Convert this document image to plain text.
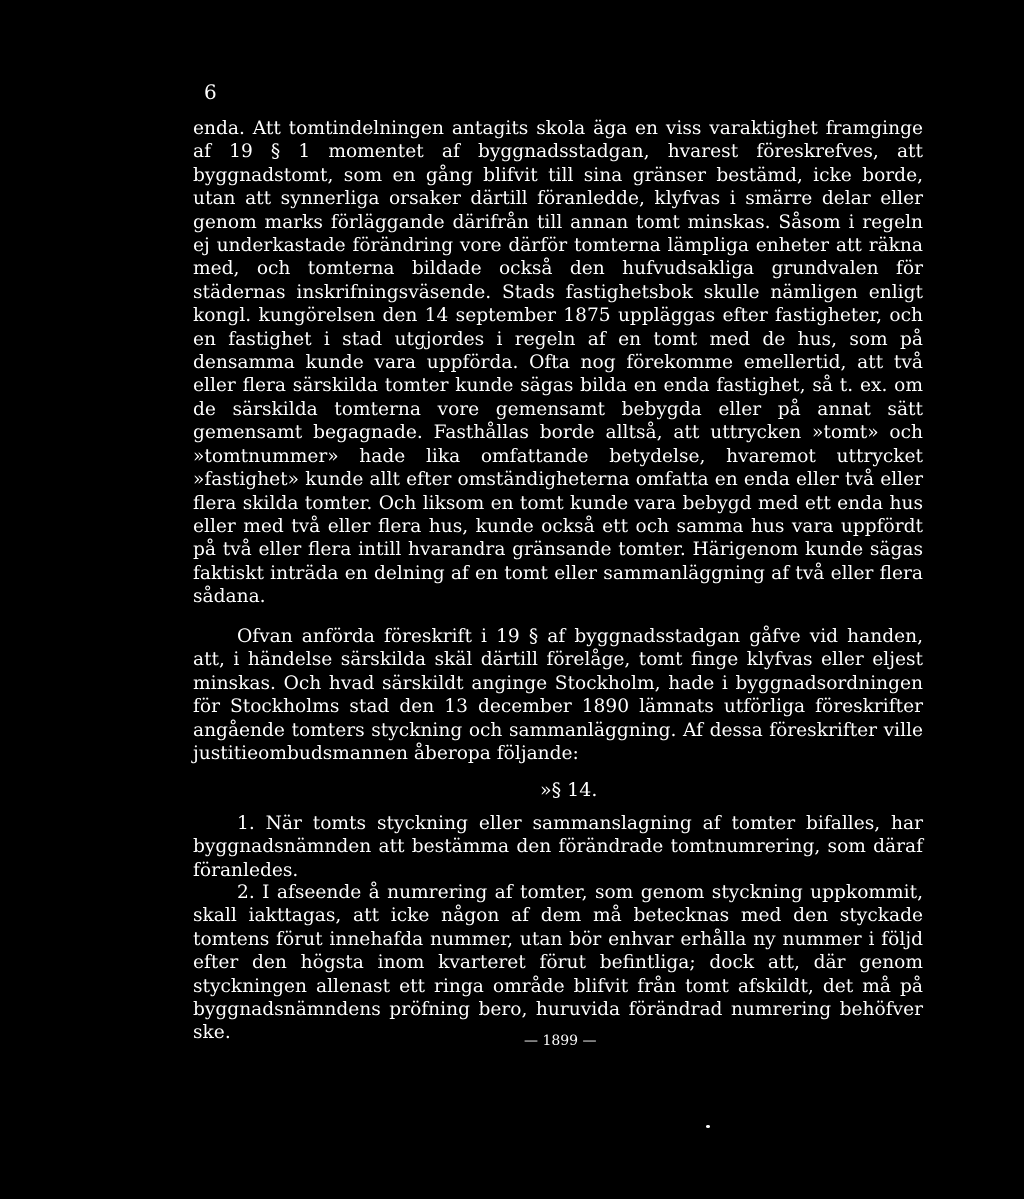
6

enda. Att tomtindelningen antagits skola äga en viss varaktighet framginge af 19 § 1 momentet af byggnadsstadgan, hvarest föreskrefves, att byggnadstomt, som en gång blifvit till sina gränser bestämd, icke borde, utan att synnerliga orsaker därtill föranledde, klyfvas i smärre delar eller genom marks förläggande därifrån till annan tomt minskas. Såsom i regeln ej underkastade förändring vore därför tomterna lämpliga enheter att räkna med, och tomterna bildade också den hufvudsakliga grundvalen för städernas inskrifningsväsende. Stads fastighetsbok skulle nämligen enligt kongl. kungörelsen den 14 september 1875 uppläggas efter fastigheter, och en fastighet i stad utgjordes i regeln af en tomt med de hus, som på densamma kunde vara uppförda. Ofta nog förekomme emellertid, att två eller flera särskilda tomter kunde sägas bilda en enda fastighet, så t. ex. om de särskilda tomterna vore gemensamt bebygda eller på annat sätt gemensamt begagnade. Fasthållas borde alltså, att uttrycken »tomt» och »tomtnummer» hade lika omfattande betydelse, hvaremot uttrycket »fastighet» kunde allt efter omständigheterna omfatta en enda eller två eller flera skilda tomter. Och liksom en tomt kunde vara bebygd med ett enda hus eller med två eller flera hus, kunde också ett och samma hus vara uppfördt på två eller flera intill hvarandra gränsande tomter. Härigenom kunde sägas faktiskt inträda en delning af en tomt eller sammanläggning af två eller flera sådana.

Ofvan anförda föreskrift i 19 § af byggnadsstadgan gåfve vid handen, att, i händelse särskilda skäl därtill förelåge, tomt finge klyfvas eller eljest minskas. Och hvad särskildt anginge Stockholm, hade i byggnadsordningen för Stockholms stad den 13 december 1890 lämnats utförliga föreskrifter angående tomters styckning och sammanläggning. Af dessa föreskrifter ville justitieombudsmannen åberopa följande:

»§ 14.

1. När tomts styckning eller sammanslagning af tomter bifalles, har byggnadsnämnden att bestämma den förändrade tomtnumrering, som däraf föranledes.

2. I afseende å numrering af tomter, som genom styckning uppkommit, skall iakttagas, att icke någon af dem må betecknas med den styckade tomtens förut innehafda nummer, utan bör enhvar erhålla ny nummer i följd efter den högsta inom kvarteret förut befintliga; dock att, där genom styckningen allenast ett ringa område blifvit från tomt afskildt, det må på byggnadsnämndens pröfning bero, huruvida förändrad numrering behöfver ske.	— 1899 —
